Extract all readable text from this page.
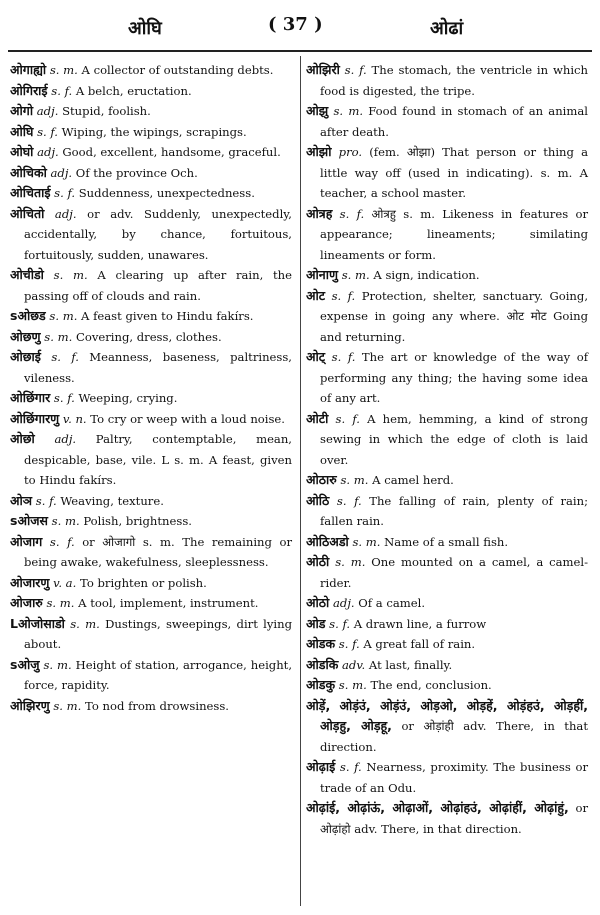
ओघि	( 37 )	ओढां

ओगाह्यो s. m. A collector of outstanding debts.

ओगिराई s. f. A belch, eructation.

ओगो adj. Stupid, foolish.

ओघि s. f. Wiping, the wipings, scrapings.

ओघो adj. Good, excellent, handsome, graceful.

ओचिको adj. Of the province Och.

ओचिताई s. f. Suddenness, unexpectedness.

ओचितो adj. or adv. Suddenly, unexpectedly, accidentally, by chance, fortuitous, fortuitously, sudden, unawares.

ओचीडो s. m. A clearing up after rain, the passing off of clouds and rain.

sओछड s. m. A feast given to Hindu fakírs.

ओछणु s. m. Covering, dress, clothes.

ओछाई s. f. Meanness, baseness, paltriness, vileness.

ओछिंगार s. f. Weeping, crying.

ओछिंगारणु v. n. To cry or weep with a loud noise.

ओछो adj. Paltry, contemptable, mean, despicable, base, vile. L s. m. A feast, given to Hindu fakírs.

ओञ s. f. Weaving, texture.

sओजस s. m. Polish, brightness.

ओजाग s. f. or ओजागो s. m. The remaining or being awake, wakefulness, sleeplessness.

ओजारणु v. a. To brighten or polish.

ओजारु s. m. A tool, implement, instrument.

Lओजोसाडो s. m. Dustings, sweepings, dirt lying about.

sओजु s. m. Height of station, arrogance, height, force, rapidity.

ओझिरणु s. m. To nod from drowsiness.

ओझिरी s. f. The stomach, the ventricle in which food is digested, the tripe.

ओझु s. m. Food found in stomach of an animal after death.

ओझो pro. (fem. ओझा) That person or thing a little way off (used in indicating). s. m. A teacher, a school master.

ओत्रह s. f. ओत्रहु s. m. Likeness in features or appearance; lineaments; similating lineaments or form.

ओनाणु s. m. A sign, indication.

ओट s. f. Protection, shelter, sanctuary. Going, expense in going any where. ओट मोट Going and returning.

ओट् s. f. The art or knowledge of the way of performing any thing; the having some idea of any art.

ओटी s. f. A hem, hemming, a kind of strong sewing in which the edge of cloth is laid over.

ओठारु s. m. A camel herd.

ओठि s. f. The falling of rain, plenty of rain; fallen rain.

ओठिअडो s. m. Name of a small fish.

ओठी s. m. One mounted on a camel, a camel-rider.

ओठो adj. Of a camel.

ओड s. f. A drawn line, a furrow

ओडक s. f. A great fall of rain.

ओडकि adv. At last, finally.

ओडकु s. m. The end, conclusion.

ओड़ें, ओड़ंउं, ओड़ंउं, ओड़ओ, ओड़हें, ओड़ंहउं, ओड़हीं, ओड़हु, ओड़हू, or ओड़ांही adv. There, in that direction.

ओढ़ाई s. f. Nearness, proximity. The business or trade of an Odu.

ओढ़ांई, ओढ़ांऊं, ओढ़ाओं, ओढ़ांहउं, ओढ़ांहीं, ओढ़ांहुं, or ओढ़ांहो adv. There, in that direction.
